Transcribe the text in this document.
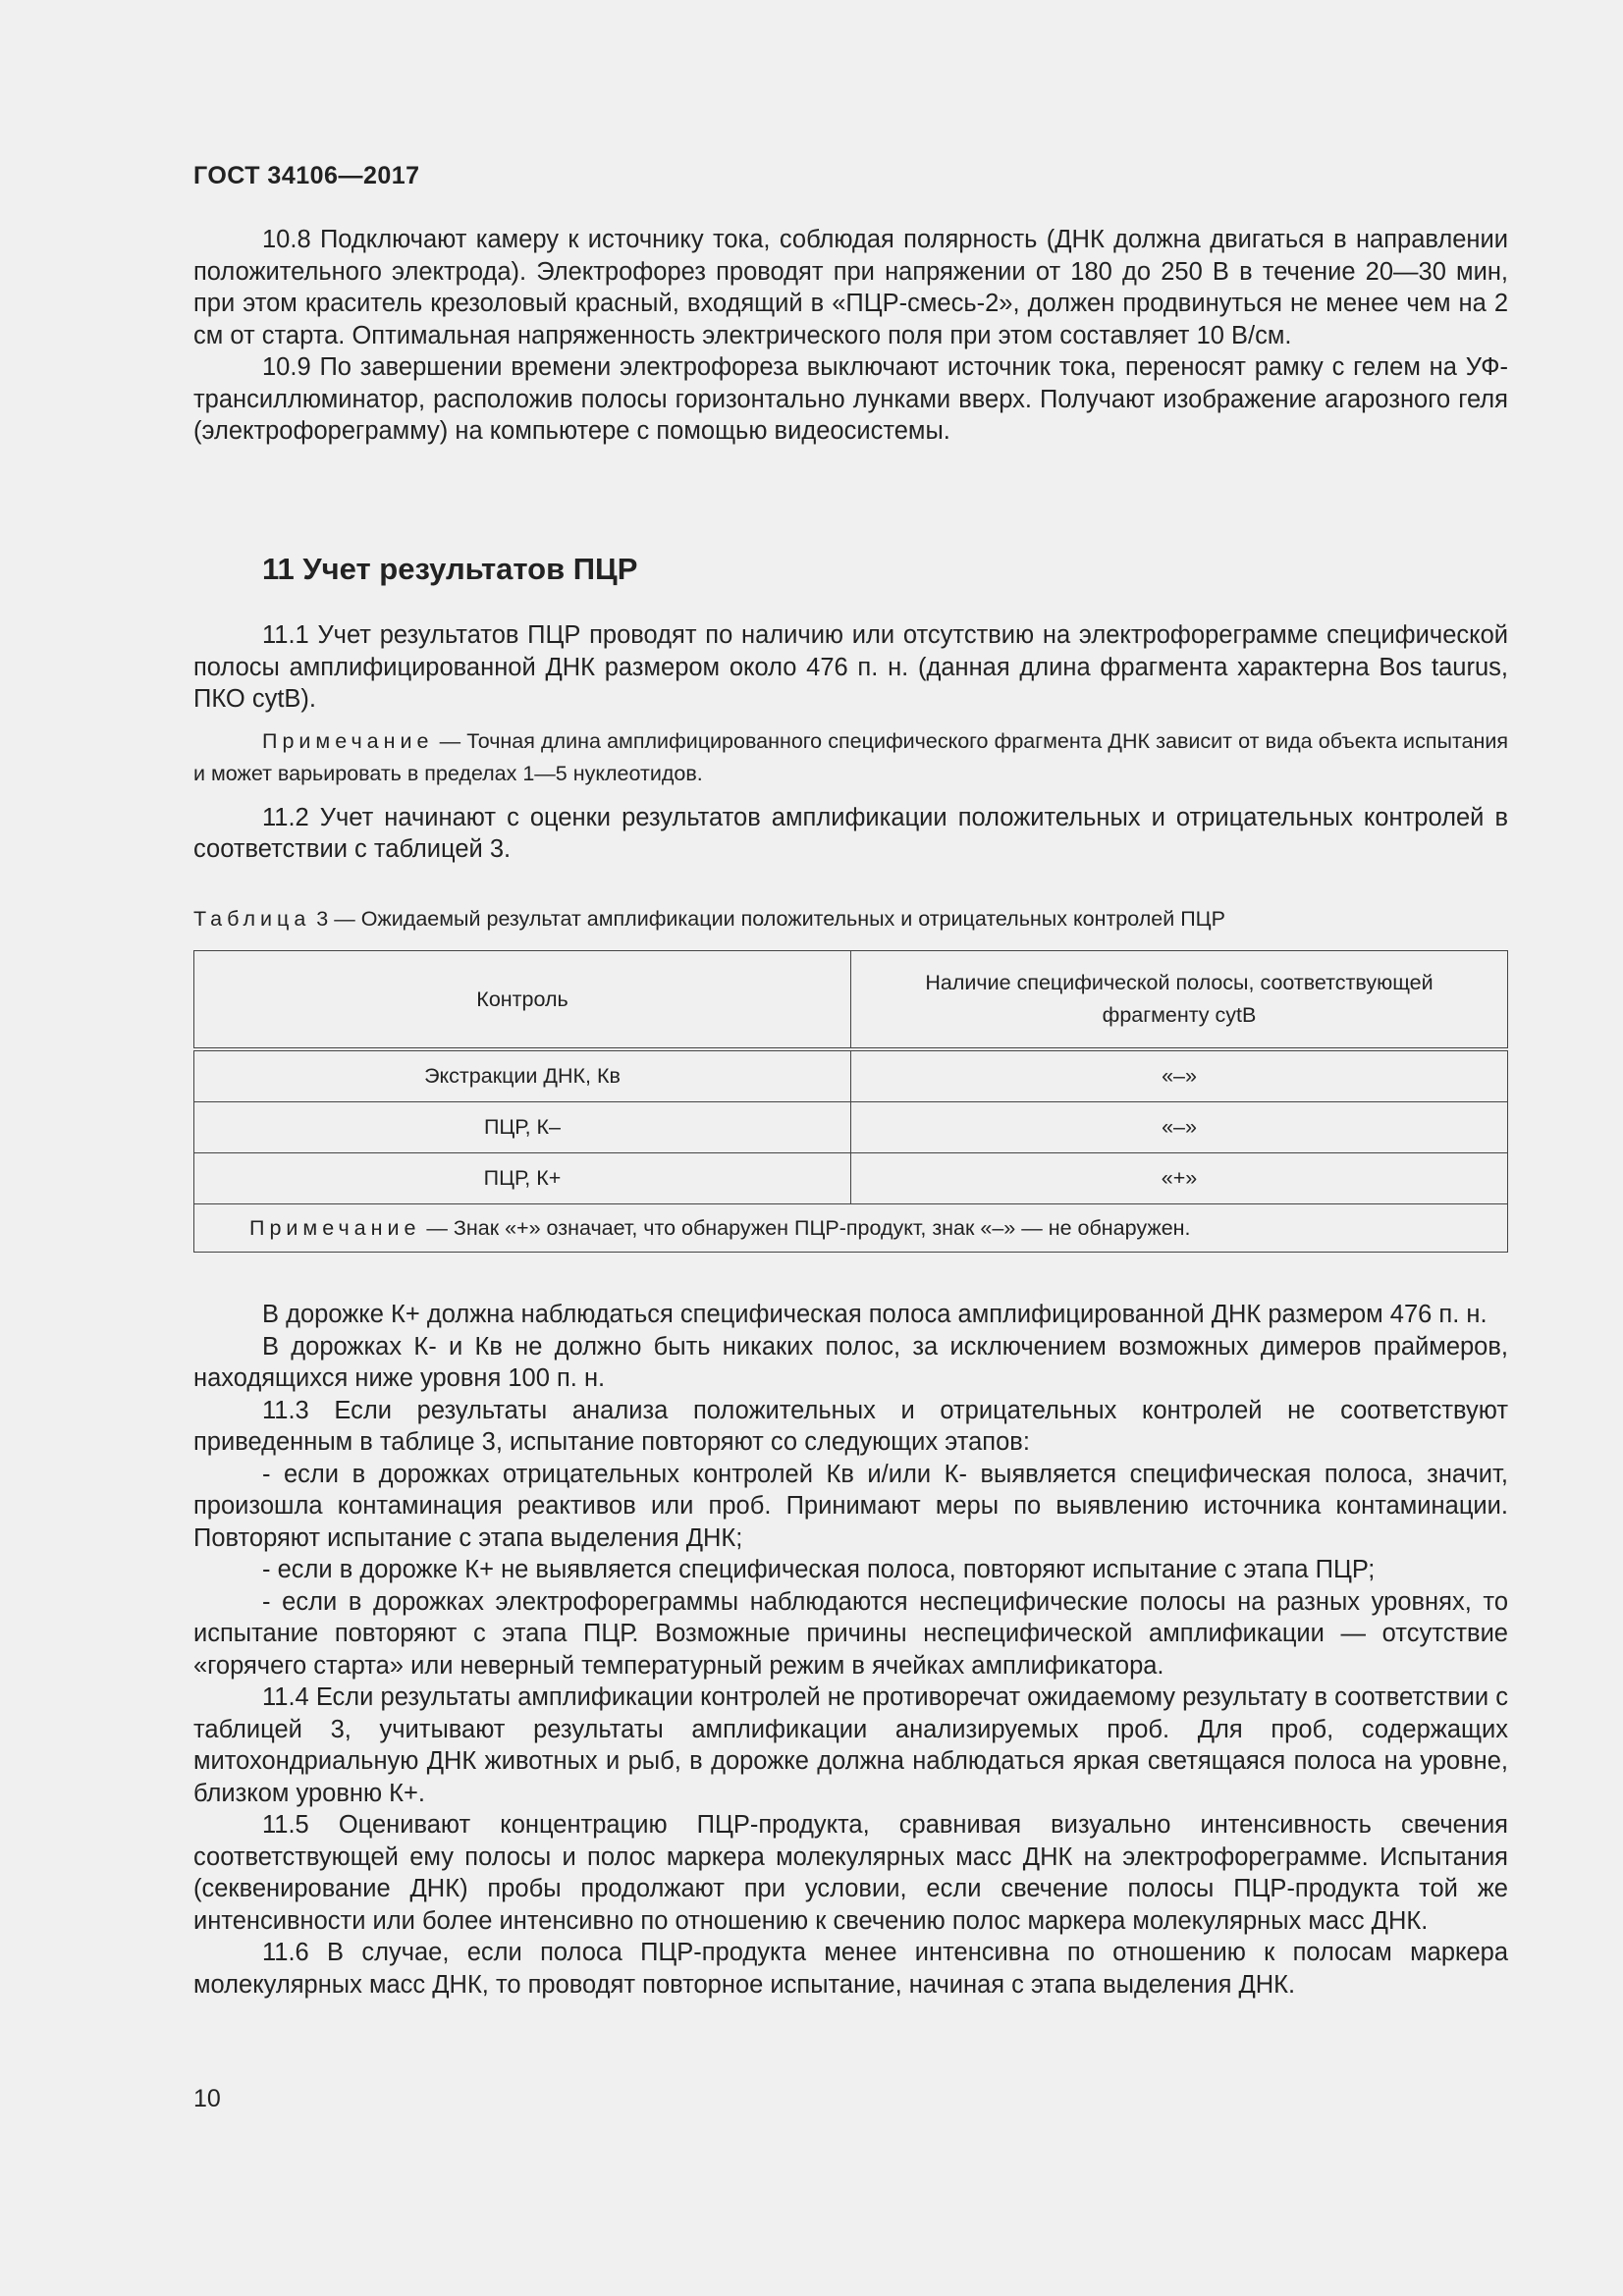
ГОСТ 34106—2017

10.8 Подключают камеру к источнику тока, соблюдая полярность (ДНК должна двигаться в направлении положительного электрода). Электрофорез проводят при напряжении от 180 до 250 В в течение 20—30 мин, при этом краситель крезоловый красный, входящий в «ПЦР-смесь-2», должен продвинуться не менее чем на 2 см от старта. Оптимальная напряженность электрического поля при этом составляет 10 В/см.

10.9 По завершении времени электрофореза выключают источник тока, переносят рамку с гелем на УФ-трансиллюминатор, расположив полосы горизонтально лунками вверх. Получают изображение агарозного геля (электрофореграмму) на компьютере с помощью видеосистемы.

11 Учет результатов ПЦР

11.1 Учет результатов ПЦР проводят по наличию или отсутствию на электрофореграмме специфической полосы амплифицированной ДНК размером около 476 п. н. (данная длина фрагмента характерна Bos taurus, ПКО cytB).

Примечание — Точная длина амплифицированного специфического фрагмента ДНК зависит от вида объекта испытания и может варьировать в пределах 1—5 нуклеотидов.

11.2 Учет начинают с оценки результатов амплификации положительных и отрицательных контролей в соответствии с таблицей 3.

Таблица 3 — Ожидаемый результат амплификации положительных и отрицательных контролей ПЦР
Контроль	Наличие специфической полосы, соответствующей
фрагменту cytB
Экстракции ДНК, Кв	«–»
ПЦР, К–	«–»
ПЦР, К+	«+»
Примечание — Знак «+» означает, что обнаружен ПЦР-продукт, знак «–» — не обнаружен.	

В дорожке К+ должна наблюдаться специфическая полоса амплифицированной ДНК размером 476 п. н.

В дорожках К- и Кв не должно быть никаких полос, за исключением возможных димеров праймеров, находящихся ниже уровня 100 п. н.

11.3 Если результаты анализа положительных и отрицательных контролей не соответствуют приведенным в таблице 3, испытание повторяют со следующих этапов:

- если в дорожках отрицательных контролей Кв и/или К- выявляется специфическая полоса, значит, произошла контаминация реактивов или проб. Принимают меры по выявлению источника контаминации. Повторяют испытание с этапа выделения ДНК;

- если в дорожке К+ не выявляется специфическая полоса, повторяют испытание с этапа ПЦР;

- если в дорожках электрофореграммы наблюдаются неспецифические полосы на разных уровнях, то испытание повторяют с этапа ПЦР. Возможные причины неспецифической амплификации — отсутствие «горячего старта» или неверный температурный режим в ячейках амплификатора.

11.4 Если результаты амплификации контролей не противоречат ожидаемому результату в соответствии с таблицей 3, учитывают результаты амплификации анализируемых проб. Для проб, содержащих митохондриальную ДНК животных и рыб, в дорожке должна наблюдаться яркая светящаяся полоса на уровне, близком уровню К+.

11.5 Оценивают концентрацию ПЦР-продукта, сравнивая визуально интенсивность свечения соответствующей ему полосы и полос маркера молекулярных масс ДНК на электрофореграмме. Испытания (секвенирование ДНК) пробы продолжают при условии, если свечение полосы ПЦР-продукта той же интенсивности или более интенсивно по отношению к свечению полос маркера молекулярных масс ДНК.

11.6 В случае, если полоса ПЦР-продукта менее интенсивна по отношению к полосам маркера молекулярных масс ДНК, то проводят повторное испытание, начиная с этапа выделения ДНК.

10
